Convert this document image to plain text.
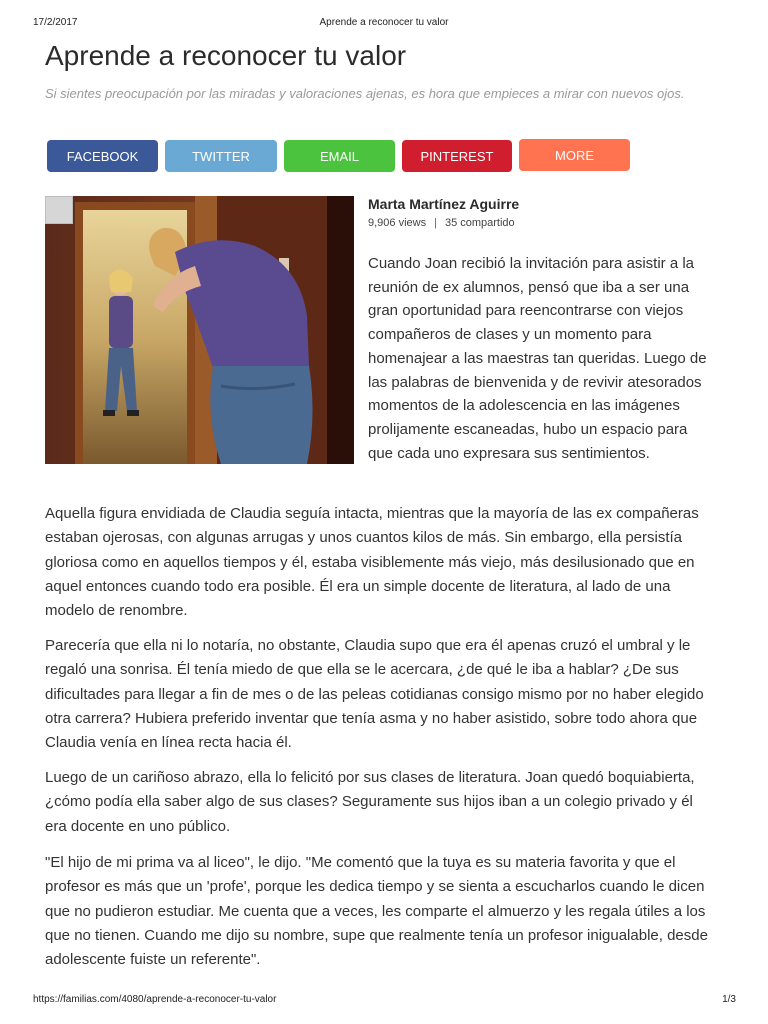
17/2/2017	Aprende a reconocer tu valor
Aprende a reconocer tu valor

Si sientes preocupación por las miradas y valoraciones ajenas, es hora que empieces a mirar con nuevos ojos.

FACEBOOK	TWITTER	EMAIL	PINTEREST	MORE
Marta Martínez Aguirre
9,906 views | 35 compartido

Cuando Joan recibió la invitación para asistir a la reunión de ex alumnos, pensó que iba a ser una gran oportunidad para reencontrarse con viejos compañeros de clases y un momento para homenajear a las maestras tan queridas. Luego de las palabras de bienvenida y de revivir atesorados momentos de la adolescencia en las imágenes prolijamente escaneadas, hubo un espacio para que cada uno expresara sus sentimientos.

Aquella figura envidiada de Claudia seguía intacta, mientras que la mayoría de las ex compañeras estaban ojerosas, con algunas arrugas y unos cuantos kilos de más. Sin embargo, ella persistía gloriosa como en aquellos tiempos y él, estaba visiblemente más viejo, más desilusionado que en aquel entonces cuando todo era posible. Él era un simple docente de literatura, al lado de una modelo de renombre.

Parecería que ella ni lo notaría, no obstante, Claudia supo que era él apenas cruzó el umbral y le regaló una sonrisa. Él tenía miedo de que ella se le acercara, ¿de qué le iba a hablar? ¿De sus dificultades para llegar a fin de mes o de las peleas cotidianas consigo mismo por no haber elegido otra carrera? Hubiera preferido inventar que tenía asma y no haber asistido, sobre todo ahora que Claudia venía en línea recta hacia él.

Luego de un cariñoso abrazo, ella lo felicitó por sus clases de literatura. Joan quedó boquiabierta, ¿cómo podía ella saber algo de sus clases? Seguramente sus hijos iban a un colegio privado y él era docente en uno público.

"El hijo de mi prima va al liceo", le dijo. "Me comentó que la tuya es su materia favorita y que el profesor es más que un 'profe', porque les dedica tiempo y se sienta a escucharlos cuando le dicen que no pudieron estudiar. Me cuenta que a veces, les comparte el almuerzo y les regala útiles a los que no tienen. Cuando me dijo su nombre, supe que realmente tenía un profesor inigualable, desde adolescente fuiste un referente".

https://familias.com/4080/aprende-a-reconocer-tu-valor	1/3
